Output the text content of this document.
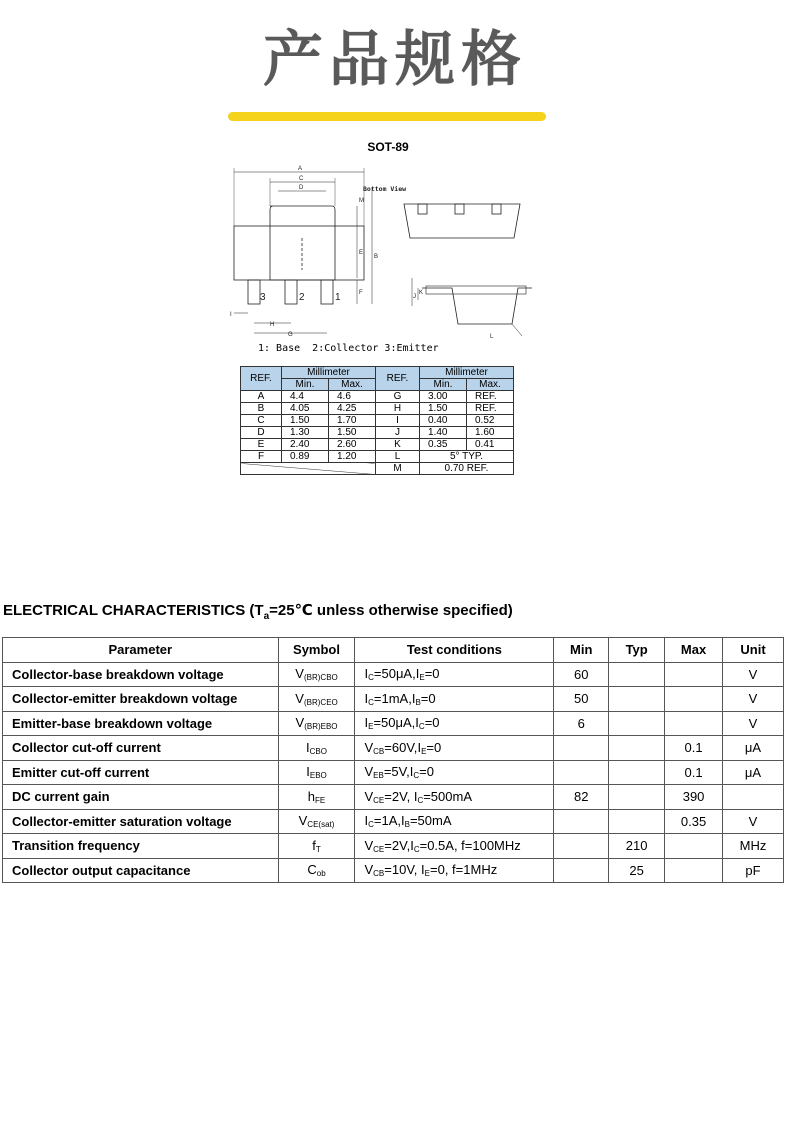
产品规格
SOT-89
A
C
D
B
E
M
F
I
H
G
J
K
L
Bottom View
3	2	1
1: Base  2:Collector 3:Emitter
REF.	Millimeter		REF.	Millimeter	
	Min.	Max.		Min.	Max.
A	4.4	4.6	G	3.00	REF.
B	4.05	4.25	H	1.50	REF.
C	1.50	1.70	I	0.40	0.52
D	1.30	1.50	J	1.40	1.60
E	2.40	2.60	K	0.35	0.41
F	0.89	1.20	L	5° TYP.	
			M	0.70 REF.	
ELECTRICAL CHARACTERISTICS ($T_a=25℃$ unless otherwise specified)
Parameter	Symbol	Test conditions	Min	Typ	Max	Unit
Collector-base breakdown voltage	$V_{(BR)CBO}$	$I_C=50\mu A,I_E=0$	60			V
Collector-emitter breakdown voltage	$V_{(BR)CEO}$	$I_C=1mA,I_B=0$	50			V
Emitter-base breakdown voltage	$V_{(BR)EBO}$	$I_E=50\mu A,I_C=0$	6			V
Collector cut-off current	$I_{CBO}$	$V_{CB}=60V,I_E=0$			0.1	μA
Emitter cut-off current	$I_{EBO}$	$V_{EB}=5V,I_C=0$			0.1	μA
DC current gain	$h_{FE}$	$V_{CE}=2V$, $I_C=500mA$	82		390	
Collector-emitter saturation voltage	$V_{CE(sat)}$	$I_C=1A,I_B=50mA$			0.35	V
Transition frequency	$f_T$	$V_{CE}=2V,I_C=0.5A$, f=100MHz		210		MHz
Collector output capacitance	$C_{ob}$	$V_{CB}=10V$, $I_E=0$, f=1MHz		25		pF
